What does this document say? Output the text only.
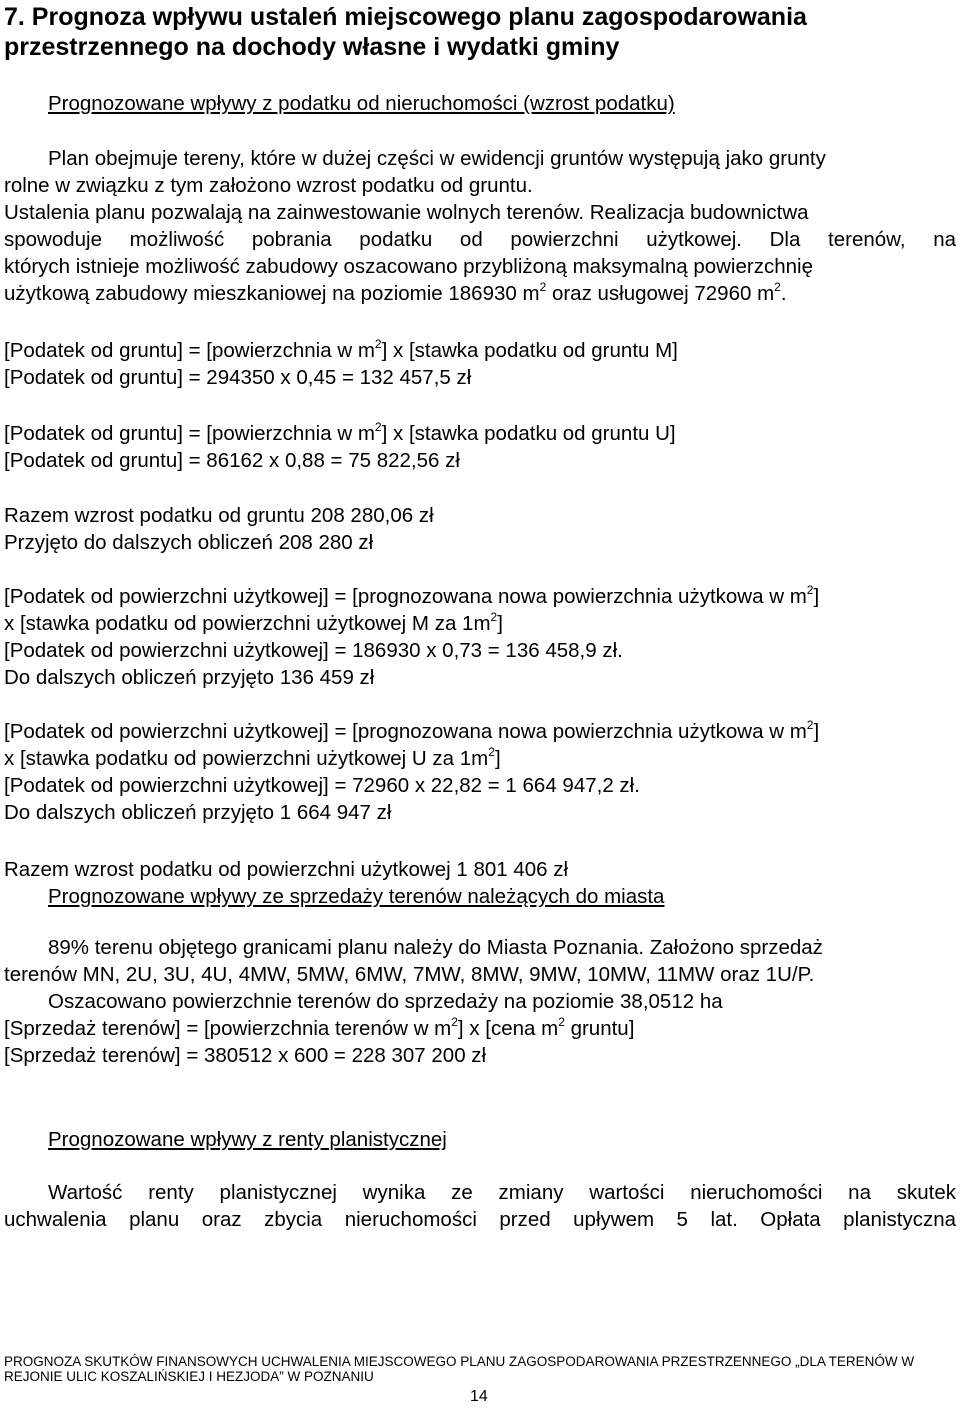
7. Prognoza wpływu ustaleń miejscowego planu zagospodarowania
przestrzennego na dochody własne i wydatki gminy
Prognozowane wpływy z podatku od nieruchomości (wzrost podatku)
Plan obejmuje tereny, które w dużej części w ewidencji gruntów występują jako grunty
rolne w związku z tym założono wzrost podatku od gruntu.
Ustalenia planu pozwalają na zainwestowanie wolnych terenów. Realizacja budownictwa
spowoduje możliwość pobrania podatku od powierzchni użytkowej. Dla terenów, na
których istnieje możliwość zabudowy oszacowano przybliżoną maksymalną powierzchnię
użytkową zabudowy mieszkaniowej na poziomie 186930 $m^2$ oraz usługowej 72960 $m^2$.
[Podatek od gruntu] = [powierzchnia w $m^2$] x [stawka podatku od gruntu M]
[Podatek od gruntu] = 294350 x 0,45 = 132 457,5 zł
[Podatek od gruntu] = [powierzchnia w $m^2$] x [stawka podatku od gruntu U]
[Podatek od gruntu] = 86162 x 0,88 = 75 822,56 zł
Razem wzrost podatku od gruntu 208 280,06 zł
Przyjęto do dalszych obliczeń 208 280 zł
[Podatek od powierzchni użytkowej] = [prognozowana nowa powierzchnia użytkowa w $m^2$]
x [stawka podatku od powierzchni użytkowej M za $1m^2$]
[Podatek od powierzchni użytkowej] = 186930 x 0,73 = 136 458,9 zł.
Do dalszych obliczeń przyjęto 136 459 zł
[Podatek od powierzchni użytkowej] = [prognozowana nowa powierzchnia użytkowa w $m^2$]
x [stawka podatku od powierzchni użytkowej U za $1m^2$]
[Podatek od powierzchni użytkowej] = 72960 x 22,82 = 1 664 947,2 zł.
Do dalszych obliczeń przyjęto 1 664 947 zł
Razem wzrost podatku od powierzchni użytkowej 1 801 406 zł
Prognozowane wpływy ze sprzedaży terenów należących do miasta
89% terenu objętego granicami planu należy do Miasta Poznania. Założono sprzedaż
terenów MN, 2U, 3U, 4U, 4MW, 5MW, 6MW, 7MW, 8MW, 9MW, 10MW, 11MW oraz 1U/P.
Oszacowano powierzchnie terenów do sprzedaży na poziomie 38,0512 ha
[Sprzedaż terenów] = [powierzchnia terenów w $m^2$] x [cena $m^2$ gruntu]
[Sprzedaż terenów] = 380512 x 600 = 228 307 200 zł
Prognozowane wpływy z renty planistycznej
Wartość renty planistycznej wynika ze zmiany wartości nieruchomości na skutek
uchwalenia planu oraz zbycia nieruchomości przed upływem 5 lat. Opłata planistyczna
PROGNOZA SKUTKÓW FINANSOWYCH UCHWALENIA MIEJSCOWEGO PLANU ZAGOSPODAROWANIA PRZESTRZENNEGO „DLA TERENÓW W
REJONIE ULIC KOSZALIŃSKIEJ I HEZJODA” W POZNANIU
14
